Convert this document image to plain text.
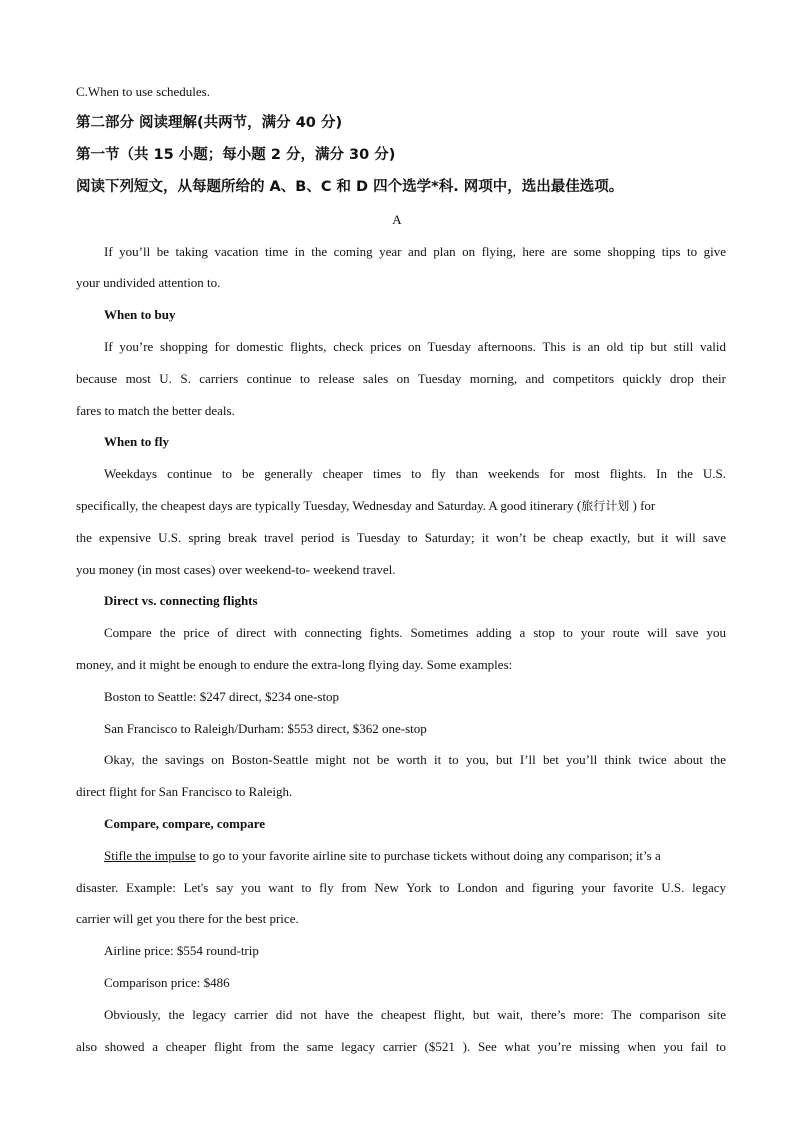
C.When to use schedules.

第二部分 阅读理解(共两节，满分 40 分)

第一节（共 15 小题；每小题 2 分，满分 30 分)

阅读下列短文，从每题所给的 A、B、C 和 D 四个选学*科. 网项中，选出最佳选项。

A

If you’ll be taking vacation time in the coming year and plan on flying, here are some shopping tips to give

your undivided attention to.

When to buy

If you’re shopping for domestic flights, check prices on Tuesday afternoons. This is an old tip but still valid

because most U. S. carriers continue to release sales on Tuesday morning, and competitors quickly drop their

fares to match the better deals.

When to fly

Weekdays continue to be generally cheaper times to fly than weekends for most flights. In the U.S.

specifically, the cheapest days are typically Tuesday, Wednesday and Saturday. A good itinerary (旅行计划 ) for

the expensive U.S. spring break travel period is Tuesday to Saturday; it won’t be cheap exactly, but it will save

you money (in most cases) over weekend-to- weekend travel.

Direct vs. connecting flights

Compare the price of direct with connecting fights. Sometimes adding a stop to your route will save you

money, and it might be enough to endure the extra-long flying day. Some examples:

Boston to Seattle: $247 direct, $234 one-stop

San Francisco to Raleigh/Durham: $553 direct, $362 one-stop

Okay, the savings on Boston-Seattle might not be worth it to you, but I’ll bet you’ll think twice about the

direct flight for San Francisco to Raleigh.

Compare, compare, compare

Stifle the impulse to go to your favorite airline site to purchase tickets without doing any comparison; it’s a

disaster. Example: Let's say you want to fly from New York to London and figuring your favorite U.S. legacy

carrier will get you there for the best price.

Airline price: $554 round-trip

Comparison price: $486

Obviously, the legacy carrier did not have the cheapest flight, but wait, there’s more: The comparison site

also showed a cheaper flight from the same legacy carrier ($521 ). See what you’re missing when you fail to
